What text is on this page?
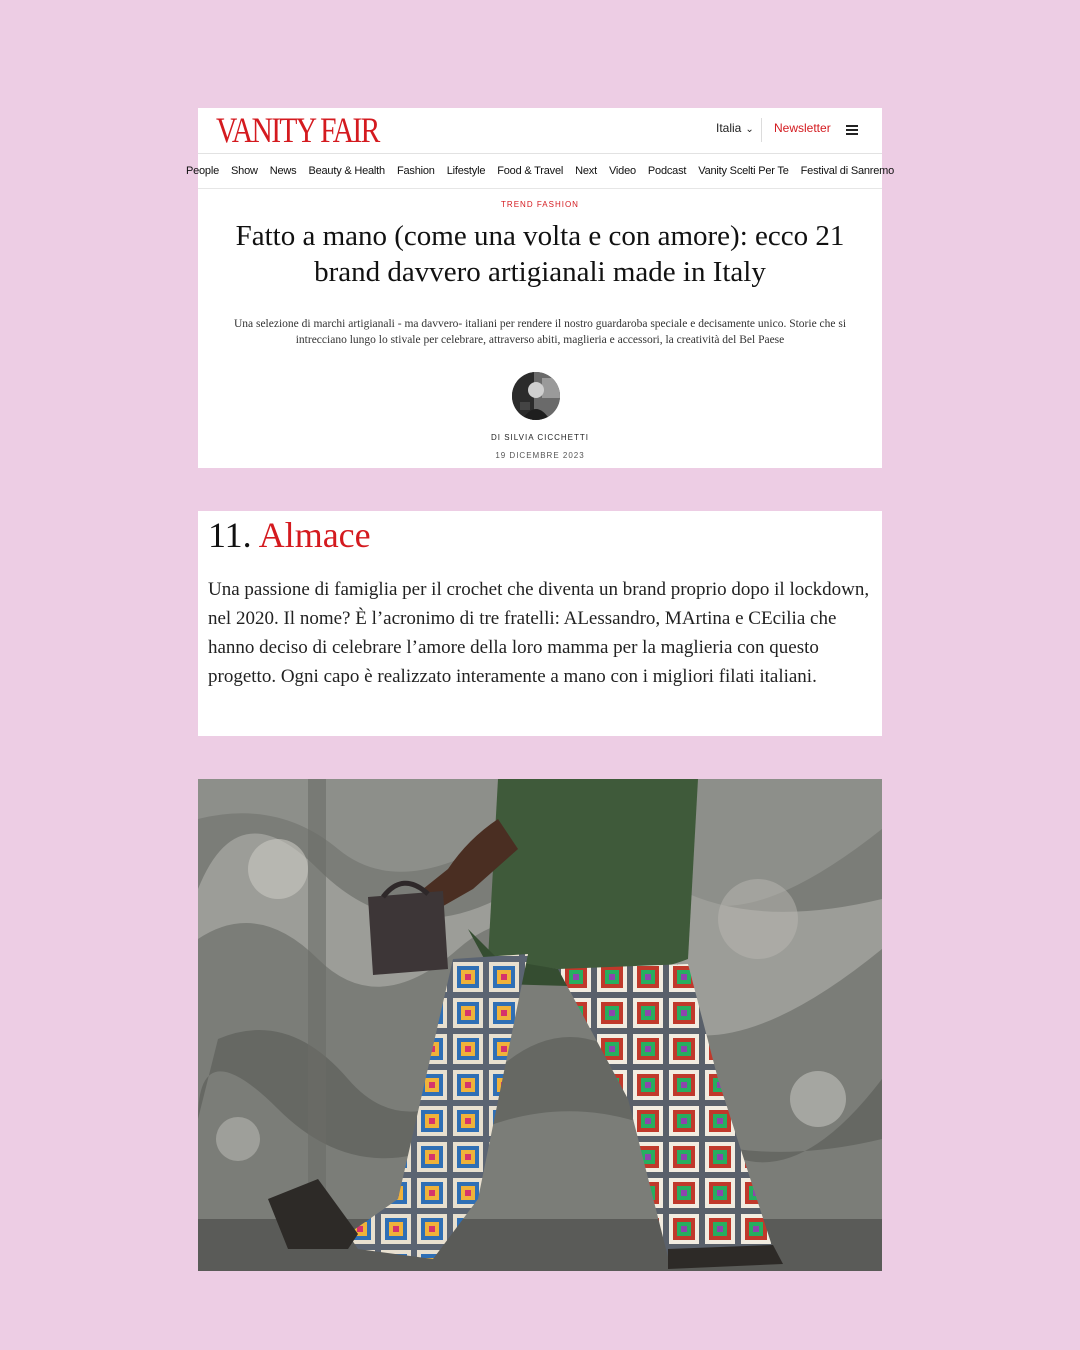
VANITY FAIR	Italia ⌄ Newsletter
People Show News Beauty & Health Fashion Lifestyle Food & Travel Next Video Podcast Vanity Scelti Per Te Festival di Sanremo
TREND FASHION
Fatto a mano (come una volta e con amore): ecco 21 brand davvero artigianali made in Italy

Una selezione di marchi artigianali - ma davvero- italiani per rendere il nostro guardaroba speciale e decisamente unico. Storie che si intrecciano lungo lo stivale per celebrare, attraverso abiti, maglieria e accessori, la creatività del Bel Paese

DI SILVIA CICCHETTI
19 DICEMBRE 2023
11. Almace

Una passione di famiglia per il crochet che diventa un brand proprio dopo il lockdown, nel 2020. Il nome? È l’acronimo di tre fratelli: ALessandro, MArtina e CEcilia che hanno deciso di celebrare l’amore della loro mamma per la maglieria con questo progetto. Ogni capo è realizzato interamente a mano con i migliori filati italiani.
